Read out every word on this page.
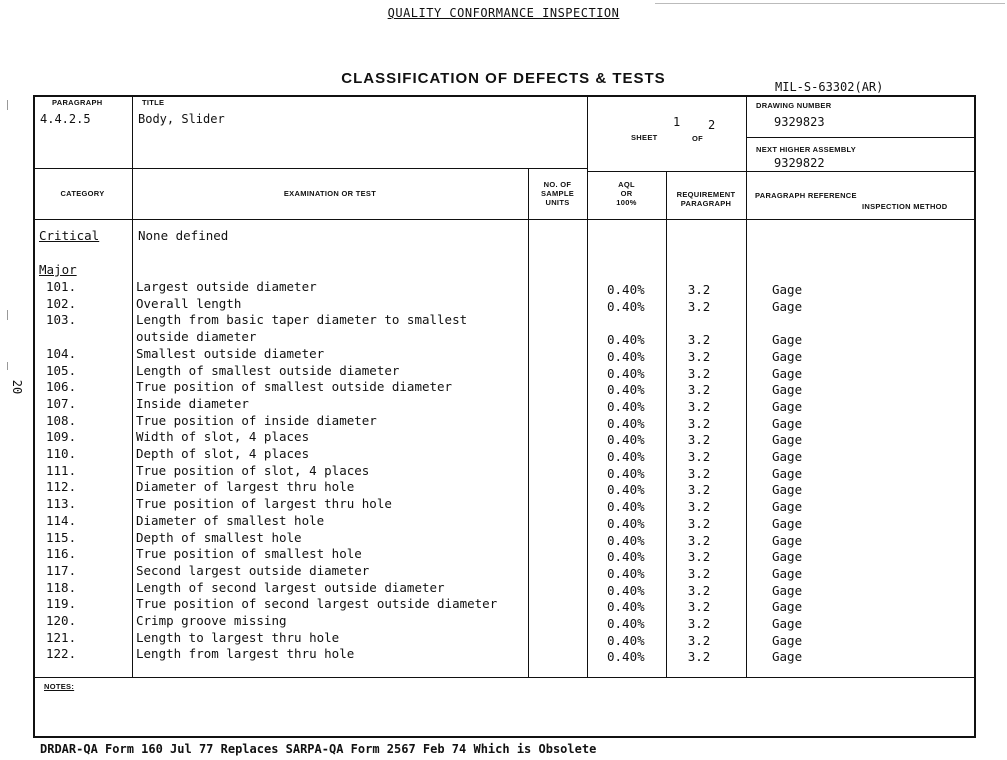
QUALITY CONFORMANCE INSPECTION
CLASSIFICATION OF DEFECTS & TESTS	MIL-S-63302(AR)
20
PARAGRAPH
4.4.2.5
TITLE
Body, Slider
SHEET
1
OF
2
DRAWING NUMBER
9329823
NEXT HIGHER ASSEMBLY
9329822
CATEGORY	EXAMINATION OR TEST
NO. OF
SAMPLE
UNITS
AQL
OR
100%
REQUIREMENT
PARAGRAPH
PARAGRAPH REFERENCE
INSPECTION METHOD
Critical	None defined
Major
101.	Largest outside diameter	0.40%	3.2	Gage
102.	Overall length	0.40%	3.2	Gage
103.	Length from basic taper diameter to smallest
outside diameter	0.40%	3.2	Gage
104.	Smallest outside diameter	0.40%	3.2	Gage
105.	Length of smallest outside diameter	0.40%	3.2	Gage
106.	True position of smallest outside diameter	0.40%	3.2	Gage
107.	Inside diameter	0.40%	3.2	Gage
108.	True position of inside diameter	0.40%	3.2	Gage
109.	Width of slot, 4 places	0.40%	3.2	Gage
110.	Depth of slot, 4 places	0.40%	3.2	Gage
111.	True position of slot, 4 places	0.40%	3.2	Gage
112.	Diameter of largest thru hole	0.40%	3.2	Gage
113.	True position of largest thru hole	0.40%	3.2	Gage
114.	Diameter of smallest hole	0.40%	3.2	Gage
115.	Depth of smallest hole	0.40%	3.2	Gage
116.	True position of smallest hole	0.40%	3.2	Gage
117.	Second largest outside diameter	0.40%	3.2	Gage
118.	Length of second largest outside diameter	0.40%	3.2	Gage
119.	True position of second largest outside diameter	0.40%	3.2	Gage
120.	Crimp groove missing	0.40%	3.2	Gage
121.	Length to largest thru hole	0.40%	3.2	Gage
122.	Length from largest thru hole	0.40%	3.2	Gage
NOTES:
DRDAR-QA Form 160 Jul 77 Replaces SARPA-QA Form 2567 Feb 74 Which is Obsolete
